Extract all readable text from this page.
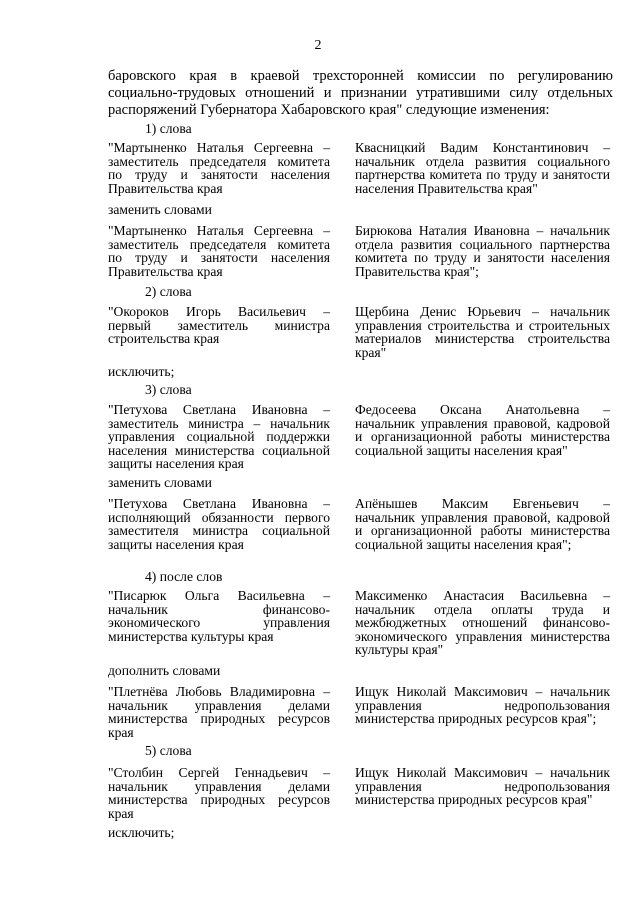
2

баровского края в краевой трехсторонней комиссии по регулированию социально-трудовых отношений и признании утратившими силу отдельных распоряжений Губернатора Хабаровского края" следующие изменения:

1) слова

"Мартыненко Наталья Сергеевна – заместитель председателя комитета по труду и занятости населения Правительства края

Квасницкий Вадим Константинович – начальник отдела развития социального партнерства комитета по труду и занятости населения Правительства края"

заменить словами

"Мартыненко Наталья Сергеевна – заместитель председателя комитета по труду и занятости населения Правительства края

Бирюкова Наталия Ивановна – начальник отдела развития социального партнерства комитета по труду и занятости населения Правительства края";

2) слова

"Окороков Игорь Васильевич – первый заместитель министра строительства края

Щербина Денис Юрьевич – начальник управления строительства и строительных материалов министерства строительства края"

исключить;

3) слова

"Петухова Светлана Ивановна – заместитель министра – начальник управления социальной поддержки населения министерства социальной защиты населения края

Федосеева Оксана Анатольевна – начальник управления правовой, кадровой и организационной работы министерства социальной защиты населения края"

заменить словами

"Петухова Светлана Ивановна – исполняющий обязанности первого заместителя министра социальной защиты населения края

Апёнышев Максим Евгеньевич – начальник управления правовой, кадровой и организационной работы министерства социальной защиты населения края";

4) после слов

"Писарюк Ольга Васильевна – начальник финансово-экономического управления министерства культуры края

Максименко Анастасия Васильевна – начальник отдела оплаты труда и межбюджетных отношений финансово-экономического управления министерства культуры края"

дополнить словами

"Плетнёва Любовь Владимировна – начальник управления делами министерства природных ресурсов края

Ищук Николай Максимович – начальник управления недропользования министерства природных ресурсов края";

5) слова

"Столбин Сергей Геннадьевич – начальник управления делами министерства природных ресурсов края

Ищук Николай Максимович – начальник управления недропользования министерства природных ресурсов края"

исключить;
